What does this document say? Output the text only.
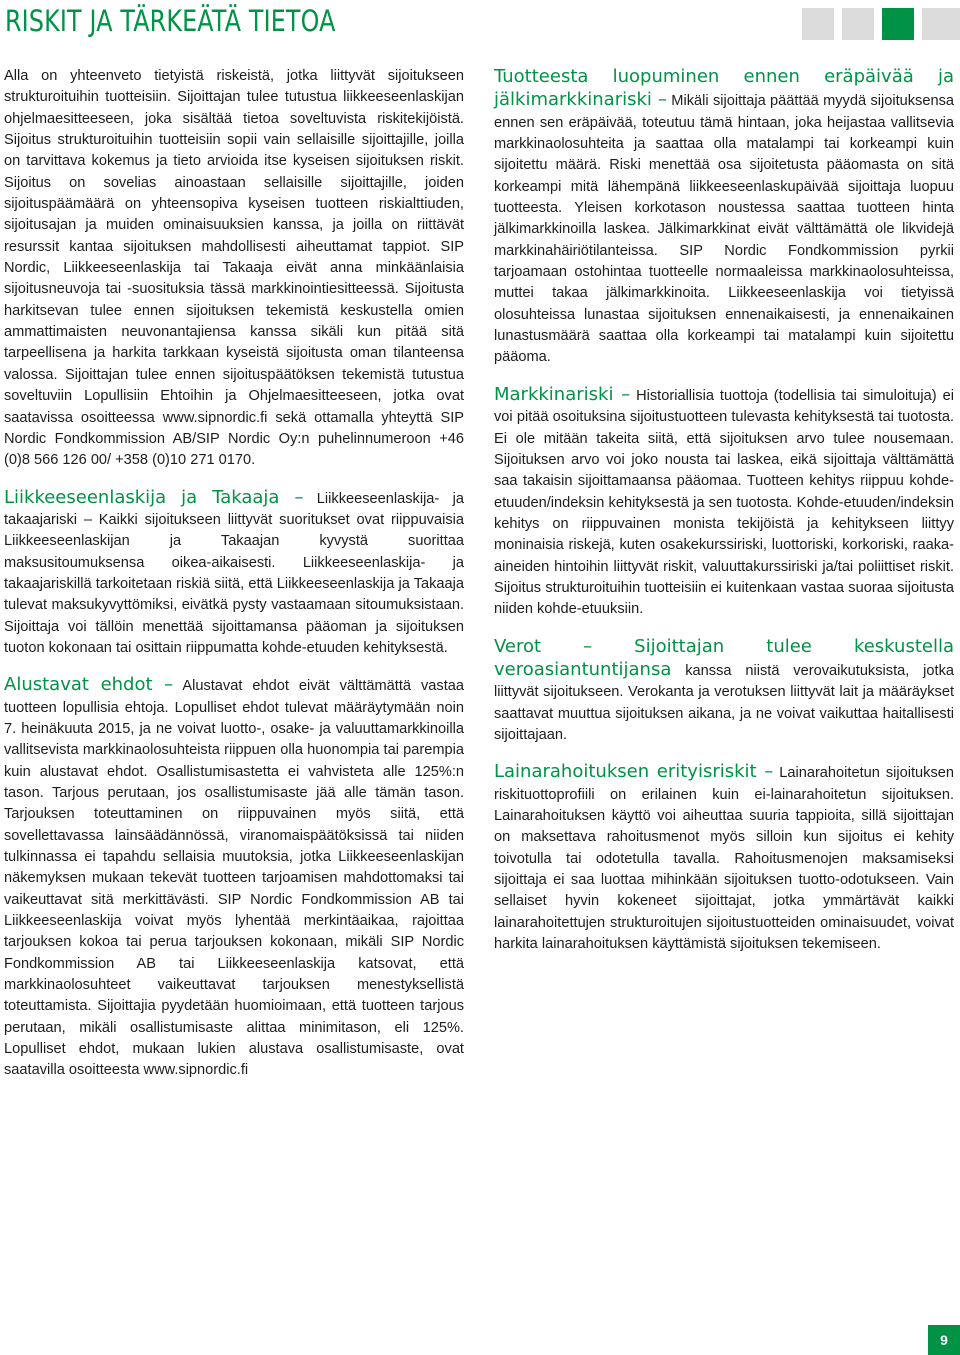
RISKIT JA TÄRKEÄTÄ TIETOA

Alla on yhteenveto tietyistä riskeistä, jotka liittyvät sijoitukseen strukturoituihin tuotteisiin. Sijoittajan tulee tutustua liikkeeseenlaskijan ohjelmaesitteeseen, joka sisältää tietoa soveltuvista riskitekijöistä. Sijoitus strukturoituihin tuotteisiin sopii vain sellaisille sijoittajille, joilla on tarvittava kokemus ja tieto arvioida itse kyseisen sijoituksen riskit. Sijoitus on sovelias ainoastaan sellaisille sijoittajille, joiden sijoituspäämäärä on yhteensopiva kyseisen tuotteen riskialttiuden, sijoitusajan ja muiden ominaisuuksien kanssa, ja joilla on riittävät resurssit kantaa sijoituksen mahdollisesti aiheuttamat tappiot. SIP Nordic, Liikkeeseenlaskija tai Takaaja eivät anna minkäänlaisia sijoitusneuvoja tai -suosituksia tässä markkinointiesitteessä. Sijoitusta harkitsevan tulee ennen sijoituksen tekemistä keskustella omien ammattimaisten neuvonantajiensa kanssa sikäli kun pitää sitä tarpeellisena ja harkita tarkkaan kyseistä sijoitusta oman tilanteensa valossa. Sijoittajan tulee ennen sijoituspäätöksen tekemistä tutustua soveltuviin Lopullisiin Ehtoihin ja Ohjelmaesitteeseen, jotka ovat saatavissa osoitteessa www.sipnordic.fi sekä ottamalla yhteyttä SIP Nordic Fondkommission AB/SIP Nordic Oy:n puhelinnumeroon +46 (0)8 566 126 00/ +358 (0)10 271 0170.

Liikkeeseenlaskija ja Takaaja – Liikkeeseenlaskija- ja takaajariski – Kaikki sijoitukseen liittyvät suoritukset ovat riippuvaisia Liikkeeseenlaskijan ja Takaajan kyvystä suorittaa maksusitoumuksensa oikea-aikaisesti. Liikkeeseenlaskija- ja takaajariskillä tarkoitetaan riskiä siitä, että Liikkeeseenlaskija ja Takaaja tulevat maksukyvyttömiksi, eivätkä pysty vastaamaan sitoumuksistaan. Sijoittaja voi tällöin menettää sijoittamansa pääoman ja sijoituksen tuoton kokonaan tai osittain riippumatta kohde-etuuden kehityksestä.

Alustavat ehdot – Alustavat ehdot eivät välttämättä vastaa tuotteen lopullisia ehtoja. Lopulliset ehdot tulevat määräytymään noin 7. heinäkuuta 2015, ja ne voivat luotto-, osake- ja valuuttamarkkinoilla vallitsevista markkinaolosuhteista riippuen olla huonompia tai parempia kuin alustavat ehdot. Osallistumisastetta ei vahvisteta alle 125%:n tason. Tarjous perutaan, jos osallistumisaste jää alle tämän tason. Tarjouksen toteuttaminen on riippuvainen myös siitä, että sovellettavassa lainsäädännössä, viranomaispäätöksissä tai niiden tulkinnassa ei tapahdu sellaisia muutoksia, jotka Liikkeeseenlaskijan näkemyksen mukaan tekevät tuotteen tarjoamisen mahdottomaksi tai vaikeuttavat sitä merkittävästi. SIP Nordic Fondkommission AB tai Liikkeeseenlaskija voivat myös lyhentää merkintäaikaa, rajoittaa tarjouksen kokoa tai perua tarjouksen kokonaan, mikäli SIP Nordic Fondkommission AB tai Liikkeeseenlaskija katsovat, että markkinaolosuhteet vaikeuttavat tarjouksen menestyksellistä toteuttamista. Sijoittajia pyydetään huomioimaan, että tuotteen tarjous perutaan, mikäli osallistumisaste alittaa minimitason, eli 125%. Lopulliset ehdot, mukaan lukien alustava osallistumisaste, ovat saatavilla osoitteesta www.sipnordic.fi

Tuotteesta luopuminen ennen eräpäivää ja jälkimarkkinariski – Mikäli sijoittaja päättää myydä sijoituksensa ennen sen eräpäivää, toteutuu tämä hintaan, joka heijastaa vallitsevia markkinaolosuhteita ja saattaa olla matalampi tai korkeampi kuin sijoitettu määrä. Riski menettää osa sijoitetusta pääomasta on sitä korkeampi mitä lähempänä liikkeeseenlaskupäivää sijoittaja luopuu tuotteesta. Yleisen korkotason noustessa saattaa tuotteen hinta jälkimarkkinoilla laskea. Jälkimarkkinat eivät välttämättä ole likvidejä markkinahäiriötilanteissa. SIP Nordic Fondkommission pyrkii tarjoamaan ostohintaa tuotteelle normaaleissa markkinaolosuhteissa, muttei takaa jälkimarkkinoita. Liikkeeseenlaskija voi tietyissä olosuhteissa lunastaa sijoituksen ennenaikaisesti, ja ennenaikainen lunastusmäärä saattaa olla korkeampi tai matalampi kuin sijoitettu pääoma.

Markkinariski – Historiallisia tuottoja (todellisia tai simuloituja) ei voi pitää osoituksina sijoitustuotteen tulevasta kehityksestä tai tuotosta. Ei ole mitään takeita siitä, että sijoituksen arvo tulee nousemaan. Sijoituksen arvo voi joko nousta tai laskea, eikä sijoittaja välttämättä saa takaisin sijoittamaansa pääomaa. Tuotteen kehitys riippuu kohde-etuuden/indeksin kehityksestä ja sen tuotosta. Kohde-etuuden/indeksin kehitys on riippuvainen monista tekijöistä ja kehitykseen liittyy moninaisia riskejä, kuten osakekurssiriski, luottoriski, korkoriski, raaka-aineiden hintoihin liittyvät riskit, valuuttakurssiriski ja/tai poliittiset riskit. Sijoitus strukturoituihin tuotteisiin ei kuitenkaan vastaa suoraa sijoitusta niiden kohde-etuuksiin.

Verot – Sijoittajan tulee keskustella veroasiantuntijansa kanssa niistä verovaikutuksista, jotka liittyvät sijoitukseen. Verokanta ja verotuksen liittyvät lait ja määräykset saattavat muuttua sijoituksen aikana, ja ne voivat vaikuttaa haitallisesti sijoittajaan.

Lainarahoituksen erityisriskit – Lainarahoitetun sijoituksen riskituottoprofiili on erilainen kuin ei-lainarahoitetun sijoituksen. Lainarahoituksen käyttö voi aiheuttaa suuria tappioita, sillä sijoittajan on maksettava rahoitusmenot myös silloin kun sijoitus ei kehity toivotulla tai odotetulla tavalla. Rahoitusmenojen maksamiseksi sijoittaja ei saa luottaa mihinkään sijoituksen tuotto-odotukseen. Vain sellaiset hyvin kokeneet sijoittajat, jotka ymmärtävät kaikki lainarahoitettujen strukturoitujen sijoitustuotteiden ominaisuudet, voivat harkita lainarahoituksen käyttämistä sijoituksen tekemiseen.

9
